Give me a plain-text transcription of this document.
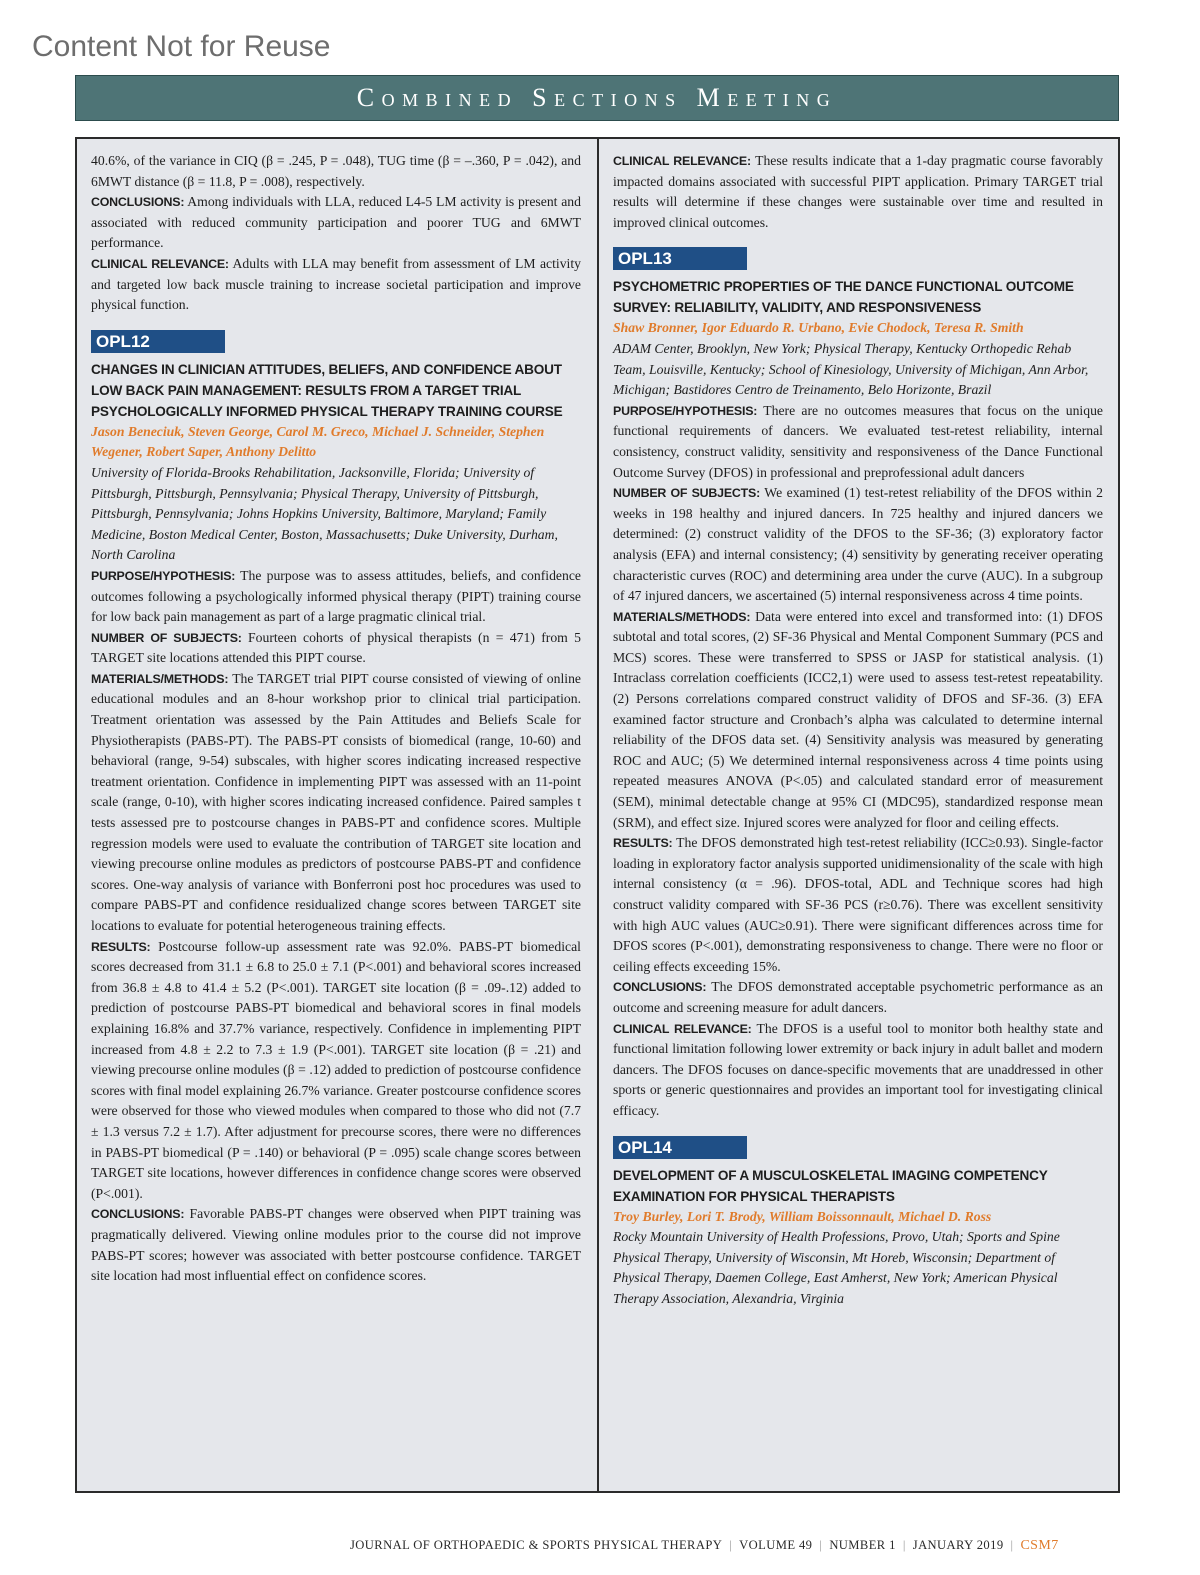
Content Not for Reuse
Combined Sections Meeting

40.6%, of the variance in CIQ (β = .245, P = .048), TUG time (β = –.360, P = .042), and 6MWT distance (β = 11.8, P = .008), respectively.

CONCLUSIONS: Among individuals with LLA, reduced L4-5 LM activity is present and associated with reduced community participation and poorer TUG and 6MWT performance.

CLINICAL RELEVANCE: Adults with LLA may benefit from assessment of LM activity and targeted low back muscle training to increase societal participation and improve physical function.

OPL12

CHANGES IN CLINICIAN ATTITUDES, BELIEFS, AND CONFIDENCE ABOUT LOW BACK PAIN MANAGEMENT: RESULTS FROM A TARGET TRIAL PSYCHOLOGICALLY INFORMED PHYSICAL THERAPY TRAINING COURSE

Jason Beneciuk, Steven George, Carol M. Greco, Michael J. Schneider, Stephen Wegener, Robert Saper, Anthony Delitto

University of Florida-Brooks Rehabilitation, Jacksonville, Florida; University of Pittsburgh, Pittsburgh, Pennsylvania; Physical Therapy, University of Pittsburgh, Pittsburgh, Pennsylvania; Johns Hopkins University, Baltimore, Maryland; Family Medicine, Boston Medical Center, Boston, Massachusetts; Duke University, Durham, North Carolina

PURPOSE/HYPOTHESIS: The purpose was to assess attitudes, beliefs, and confidence outcomes following a psychologically informed physical therapy (PIPT) training course for low back pain management as part of a large pragmatic clinical trial.

NUMBER OF SUBJECTS: Fourteen cohorts of physical therapists (n = 471) from 5 TARGET site locations attended this PIPT course.

MATERIALS/METHODS: The TARGET trial PIPT course consisted of viewing of online educational modules and an 8-hour workshop prior to clinical trial participation. Treatment orientation was assessed by the Pain Attitudes and Beliefs Scale for Physiotherapists (PABS-PT). The PABS-PT consists of biomedical (range, 10-60) and behavioral (range, 9-54) subscales, with higher scores indicating increased respective treatment orientation. Confidence in implementing PIPT was assessed with an 11-point scale (range, 0-10), with higher scores indicating increased confidence. Paired samples t tests assessed pre to postcourse changes in PABS-PT and confidence scores. Multiple regression models were used to evaluate the contribution of TARGET site location and viewing precourse online modules as predictors of postcourse PABS-PT and confidence scores. One-way analysis of variance with Bonferroni post hoc procedures was used to compare PABS-PT and confidence residualized change scores between TARGET site locations to evaluate for potential heterogeneous training effects.

RESULTS: Postcourse follow-up assessment rate was 92.0%. PABS-PT biomedical scores decreased from 31.1 ± 6.8 to 25.0 ± 7.1 (P<.001) and behavioral scores increased from 36.8 ± 4.8 to 41.4 ± 5.2 (P<.001). TARGET site location (β = .09-.12) added to prediction of postcourse PABS-PT biomedical and behavioral scores in final models explaining 16.8% and 37.7% variance, respectively. Confidence in implementing PIPT increased from 4.8 ± 2.2 to 7.3 ± 1.9 (P<.001). TARGET site location (β = .21) and viewing precourse online modules (β = .12) added to prediction of postcourse confidence scores with final model explaining 26.7% variance. Greater postcourse confidence scores were observed for those who viewed modules when compared to those who did not (7.7 ± 1.3 versus 7.2 ± 1.7). After adjustment for precourse scores, there were no differences in PABS-PT biomedical (P = .140) or behavioral (P = .095) scale change scores between TARGET site locations, however differences in confidence change scores were observed (P<.001).

CONCLUSIONS: Favorable PABS-PT changes were observed when PIPT training was pragmatically delivered. Viewing online modules prior to the course did not improve PABS-PT scores; however was associated with better postcourse confidence. TARGET site location had most influential effect on confidence scores.

CLINICAL RELEVANCE: These results indicate that a 1-day pragmatic course favorably impacted domains associated with successful PIPT application. Primary TARGET trial results will determine if these changes were sustainable over time and resulted in improved clinical outcomes.

OPL13

PSYCHOMETRIC PROPERTIES OF THE DANCE FUNCTIONAL OUTCOME SURVEY: RELIABILITY, VALIDITY, AND RESPONSIVENESS

Shaw Bronner, Igor Eduardo R. Urbano, Evie Chodock, Teresa R. Smith

ADAM Center, Brooklyn, New York; Physical Therapy, Kentucky Orthopedic Rehab Team, Louisville, Kentucky; School of Kinesiology, University of Michigan, Ann Arbor, Michigan; Bastidores Centro de Treinamento, Belo Horizonte, Brazil

PURPOSE/HYPOTHESIS: There are no outcomes measures that focus on the unique functional requirements of dancers. We evaluated test-retest reliability, internal consistency, construct validity, sensitivity and responsiveness of the Dance Functional Outcome Survey (DFOS) in professional and preprofessional adult dancers

NUMBER OF SUBJECTS: We examined (1) test-retest reliability of the DFOS within 2 weeks in 198 healthy and injured dancers. In 725 healthy and injured dancers we determined: (2) construct validity of the DFOS to the SF-36; (3) exploratory factor analysis (EFA) and internal consistency; (4) sensitivity by generating receiver operating characteristic curves (ROC) and determining area under the curve (AUC). In a subgroup of 47 injured dancers, we ascertained (5) internal responsiveness across 4 time points.

MATERIALS/METHODS: Data were entered into excel and transformed into: (1) DFOS subtotal and total scores, (2) SF-36 Physical and Mental Component Summary (PCS and MCS) scores. These were transferred to SPSS or JASP for statistical analysis. (1) Intraclass correlation coefficients (ICC2,1) were used to assess test-retest repeatability. (2) Persons correlations compared construct validity of DFOS and SF-36. (3) EFA examined factor structure and Cronbach’s alpha was calculated to determine internal reliability of the DFOS data set. (4) Sensitivity analysis was measured by generating ROC and AUC; (5) We determined internal responsiveness across 4 time points using repeated measures ANOVA (P<.05) and calculated standard error of measurement (SEM), minimal detectable change at 95% CI (MDC95), standardized response mean (SRM), and effect size. Injured scores were analyzed for floor and ceiling effects.

RESULTS: The DFOS demonstrated high test-retest reliability (ICC≥0.93). Single-factor loading in exploratory factor analysis supported unidimensionality of the scale with high internal consistency (α = .96). DFOS-total, ADL and Technique scores had high construct validity compared with SF-36 PCS (r≥0.76). There was excellent sensitivity with high AUC values (AUC≥0.91). There were significant differences across time for DFOS scores (P<.001), demonstrating responsiveness to change. There were no floor or ceiling effects exceeding 15%.

CONCLUSIONS: The DFOS demonstrated acceptable psychometric performance as an outcome and screening measure for adult dancers.

CLINICAL RELEVANCE: The DFOS is a useful tool to monitor both healthy state and functional limitation following lower extremity or back injury in adult ballet and modern dancers. The DFOS focuses on dance-specific movements that are unaddressed in other sports or generic questionnaires and provides an important tool for investigating clinical efficacy.

OPL14

DEVELOPMENT OF A MUSCULOSKELETAL IMAGING COMPETENCY EXAMINATION FOR PHYSICAL THERAPISTS

Troy Burley, Lori T. Brody, William Boissonnault, Michael D. Ross

Rocky Mountain University of Health Professions, Provo, Utah; Sports and Spine Physical Therapy, University of Wisconsin, Mt Horeb, Wisconsin; Department of Physical Therapy, Daemen College, East Amherst, New York; American Physical Therapy Association, Alexandria, Virginia

JOURNAL OF ORTHOPAEDIC & SPORTS PHYSICAL THERAPY | VOLUME 49 | NUMBER 1 | JANUARY 2019 | CSM7
